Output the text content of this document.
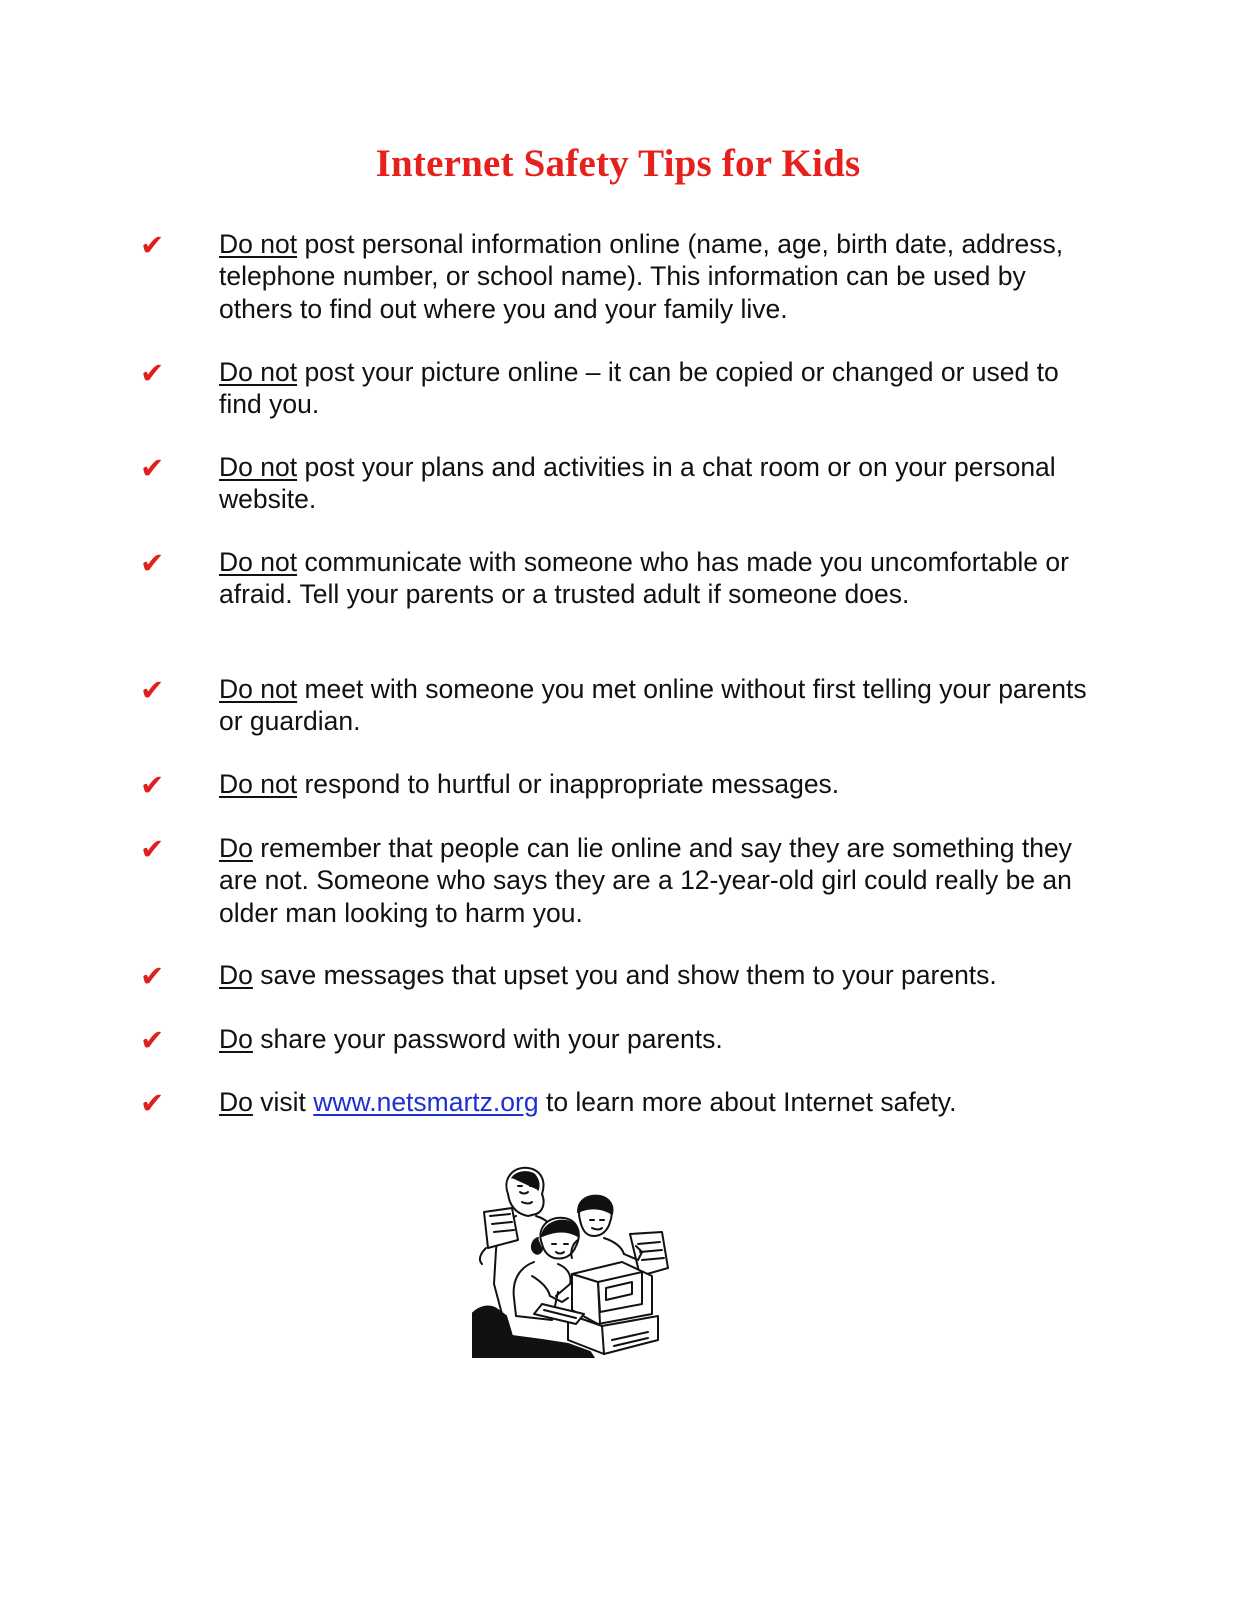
Internet Safety Tips for Kids
✔	Do not post personal information online (name, age, birth date, address, telephone number, or school name). This information can be used by others to find out where you and your family live.
✔	Do not post your picture online – it can be copied or changed or used to find you.
✔	Do not post your plans and activities in a chat room or on your personal website.
✔	Do not communicate with someone who has made you uncomfortable or afraid. Tell your parents or a trusted adult if someone does.
✔	Do not meet with someone you met online without first telling your parents or guardian.
✔	Do not respond to hurtful or inappropriate messages.
✔	Do remember that people can lie online and say they are something they are not. Someone who says they are a 12-year-old girl could really be an older man looking to harm you.
✔	Do save messages that upset you and show them to your parents.
✔	Do share your password with your parents.
✔	Do visit www.netsmartz.org to learn more about Internet safety.
